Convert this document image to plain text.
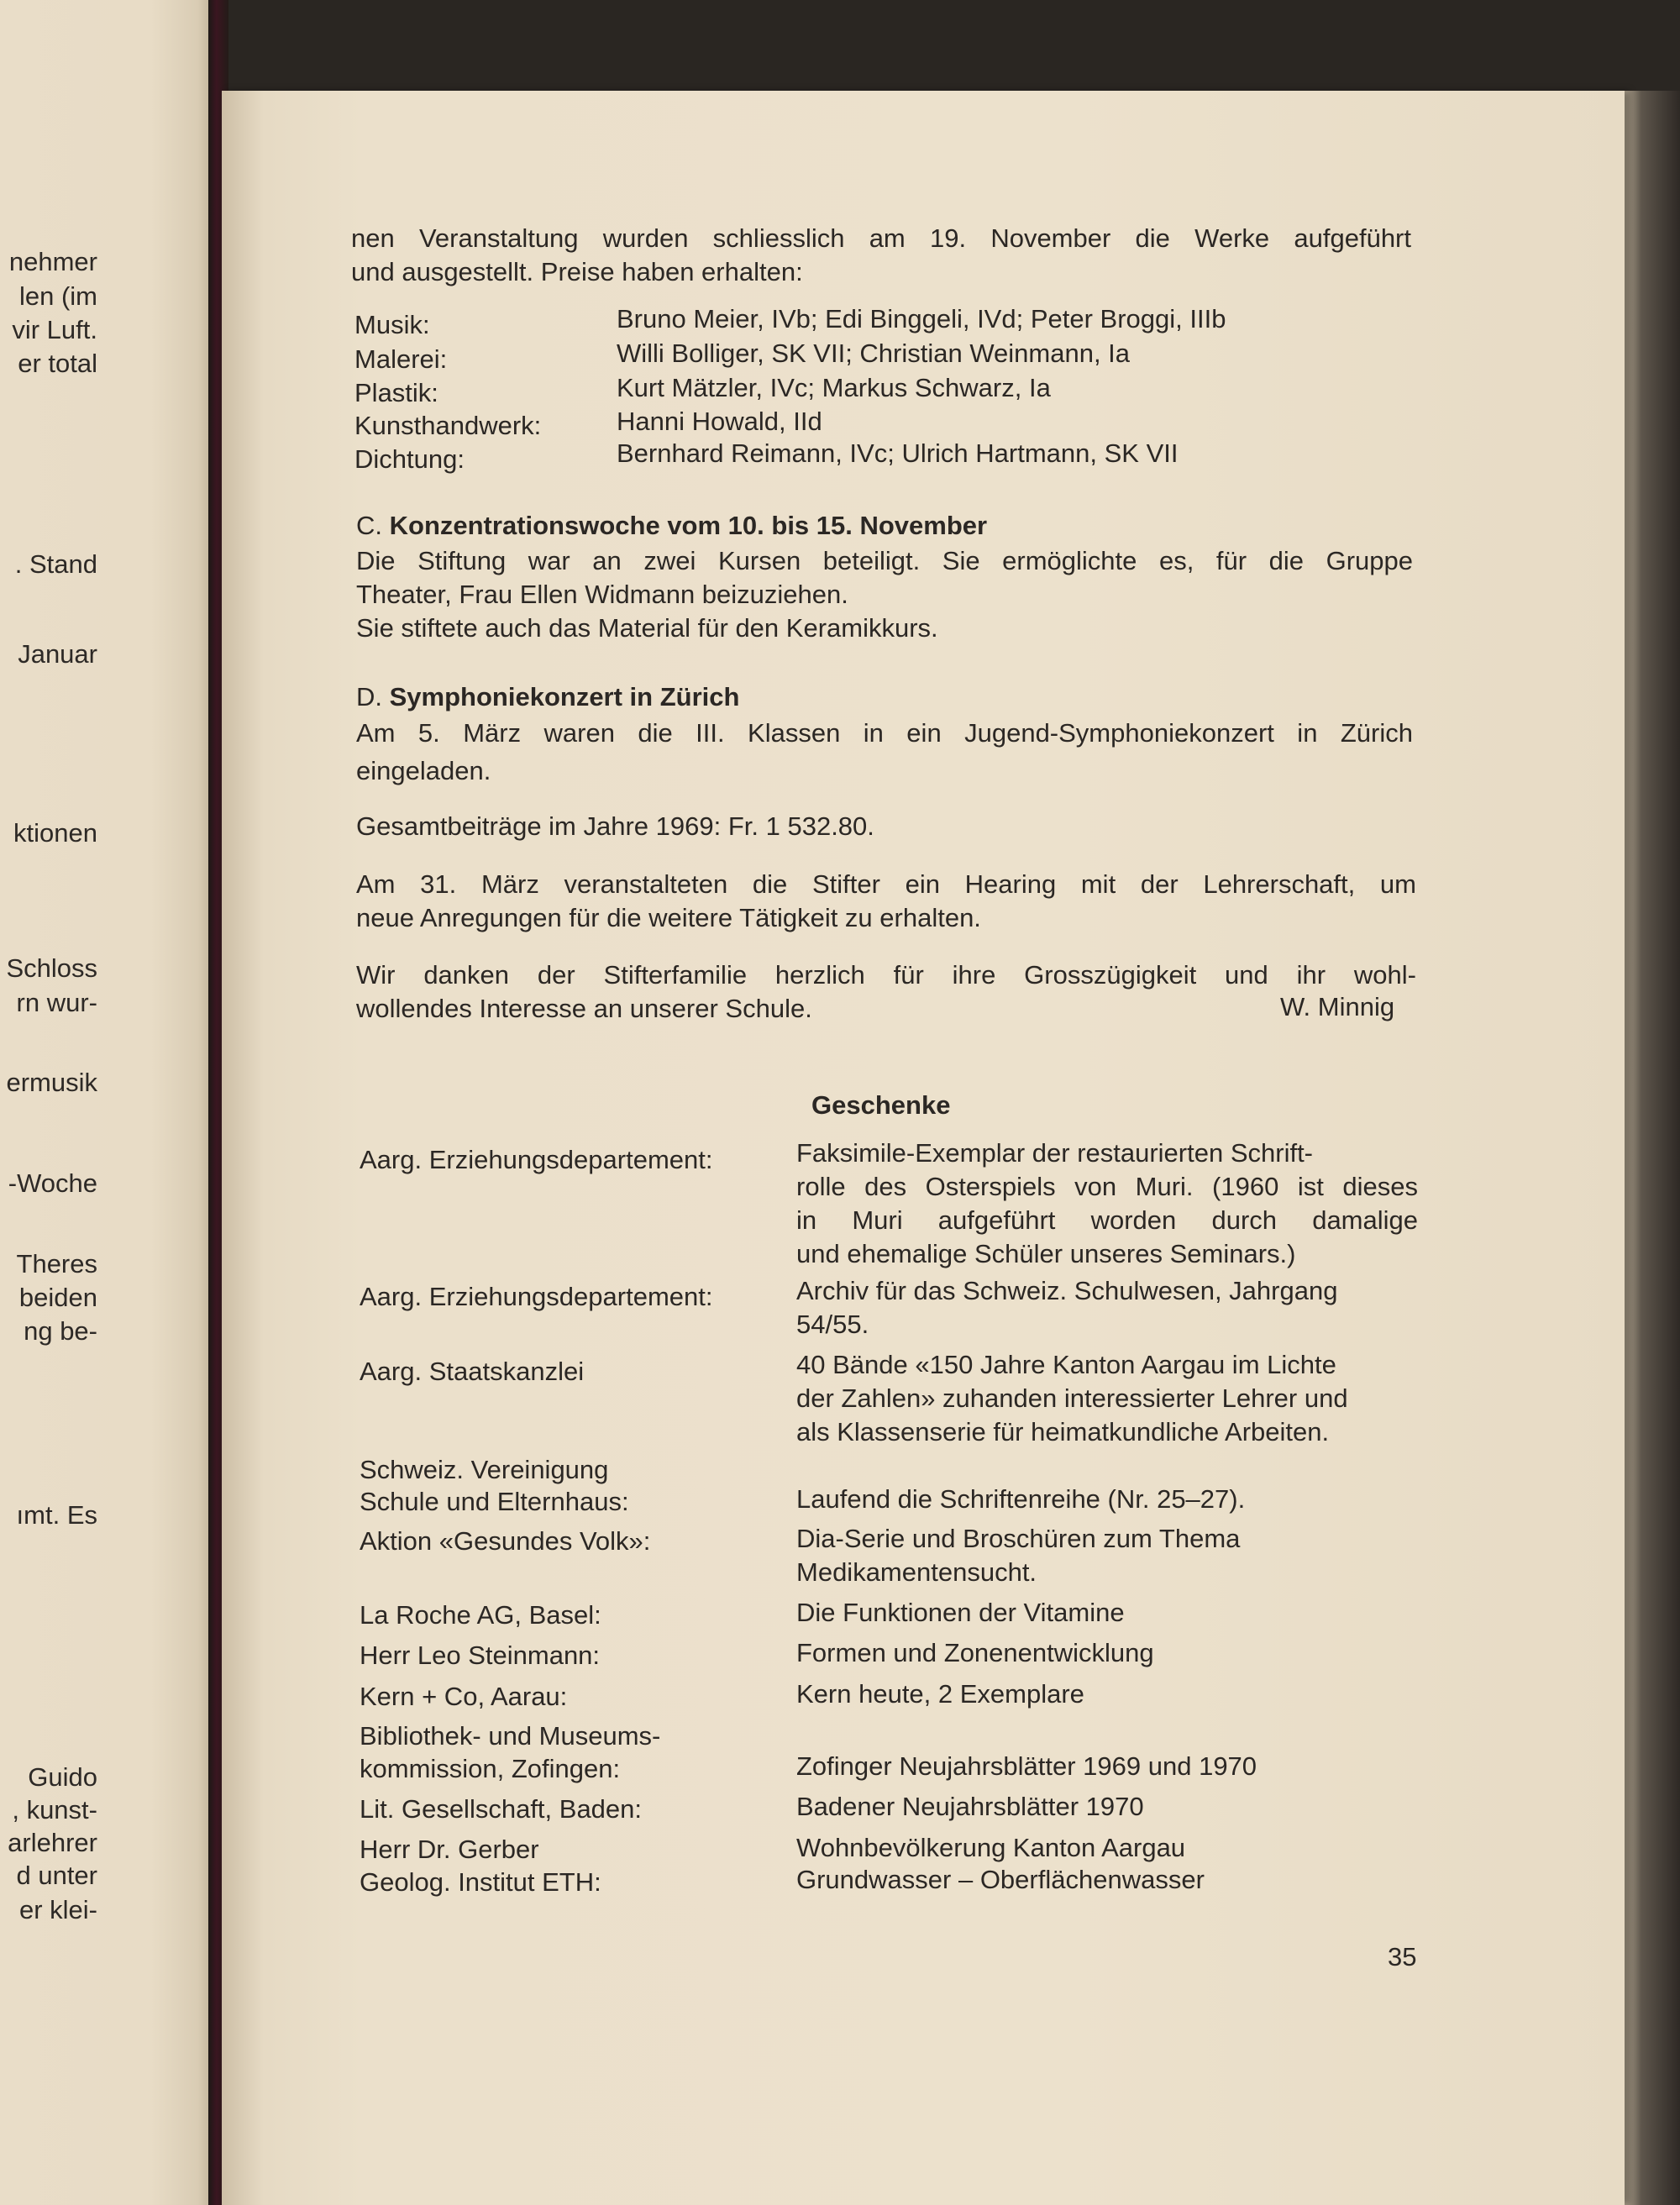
nehmer
len (im
vir Luft.
er total
. Stand
Januar
ktionen
Schloss
rn wur-
ermusik
-Woche
Theres
beiden
ng be-
ımt. Es
Guido
, kunst-
arlehrer
d unter
er klei-
nen Veranstaltung wurden schliesslich am 19. November die Werke aufgeführt
und ausgestellt. Preise haben erhalten:
Musik:	Bruno Meier, IVb; Edi Binggeli, IVd; Peter Broggi, IIIb
Malerei:	Willi Bolliger, SK VII; Christian Weinmann, Ia
Plastik:	Kurt Mätzler, IVc; Markus Schwarz, Ia
Kunsthandwerk:	Hanni Howald, IId
Dichtung:	Bernhard Reimann, IVc; Ulrich Hartmann, SK VII
C. Konzentrationswoche vom 10. bis 15. November
Die Stiftung war an zwei Kursen beteiligt. Sie ermöglichte es, für die Gruppe
Theater, Frau Ellen Widmann beizuziehen.
Sie stiftete auch das Material für den Keramikkurs.
D. Symphoniekonzert in Zürich
Am 5. März waren die III. Klassen in ein Jugend-Symphoniekonzert in Zürich
eingeladen.
Gesamtbeiträge im Jahre 1969: Fr. 1 532.80.
Am 31. März veranstalteten die Stifter ein Hearing mit der Lehrerschaft, um
neue Anregungen für die weitere Tätigkeit zu erhalten.
Wir danken der Stifterfamilie herzlich für ihre Grosszügigkeit und ihr wohl-
wollendes Interesse an unserer Schule.	W. Minnig
Geschenke
Aarg. Erziehungsdepartement:	Faksimile-Exemplar der restaurierten Schrift-
rolle des Osterspiels von Muri. (1960 ist dieses
in Muri aufgeführt worden durch damalige
und ehemalige Schüler unseres Seminars.)
Aarg. Erziehungsdepartement:	Archiv für das Schweiz. Schulwesen, Jahrgang
54/55.
Aarg. Staatskanzlei	40 Bände «150 Jahre Kanton Aargau im Lichte
der Zahlen» zuhanden interessierter Lehrer und
als Klassenserie für heimatkundliche Arbeiten.
Schweiz. Vereinigung
Schule und Elternhaus:	Laufend die Schriftenreihe (Nr. 25–27).
Aktion «Gesundes Volk»:	Dia-Serie und Broschüren zum Thema
Medikamentensucht.
La Roche AG, Basel:	Die Funktionen der Vitamine
Herr Leo Steinmann:	Formen und Zonenentwicklung
Kern + Co, Aarau:	Kern heute, 2 Exemplare
Bibliothek- und Museums-
kommission, Zofingen:	Zofinger Neujahrsblätter 1969 und 1970
Lit. Gesellschaft, Baden:	Badener Neujahrsblätter 1970
Herr Dr. Gerber	Wohnbevölkerung Kanton Aargau
Geolog. Institut ETH:	Grundwasser – Oberflächenwasser
35
